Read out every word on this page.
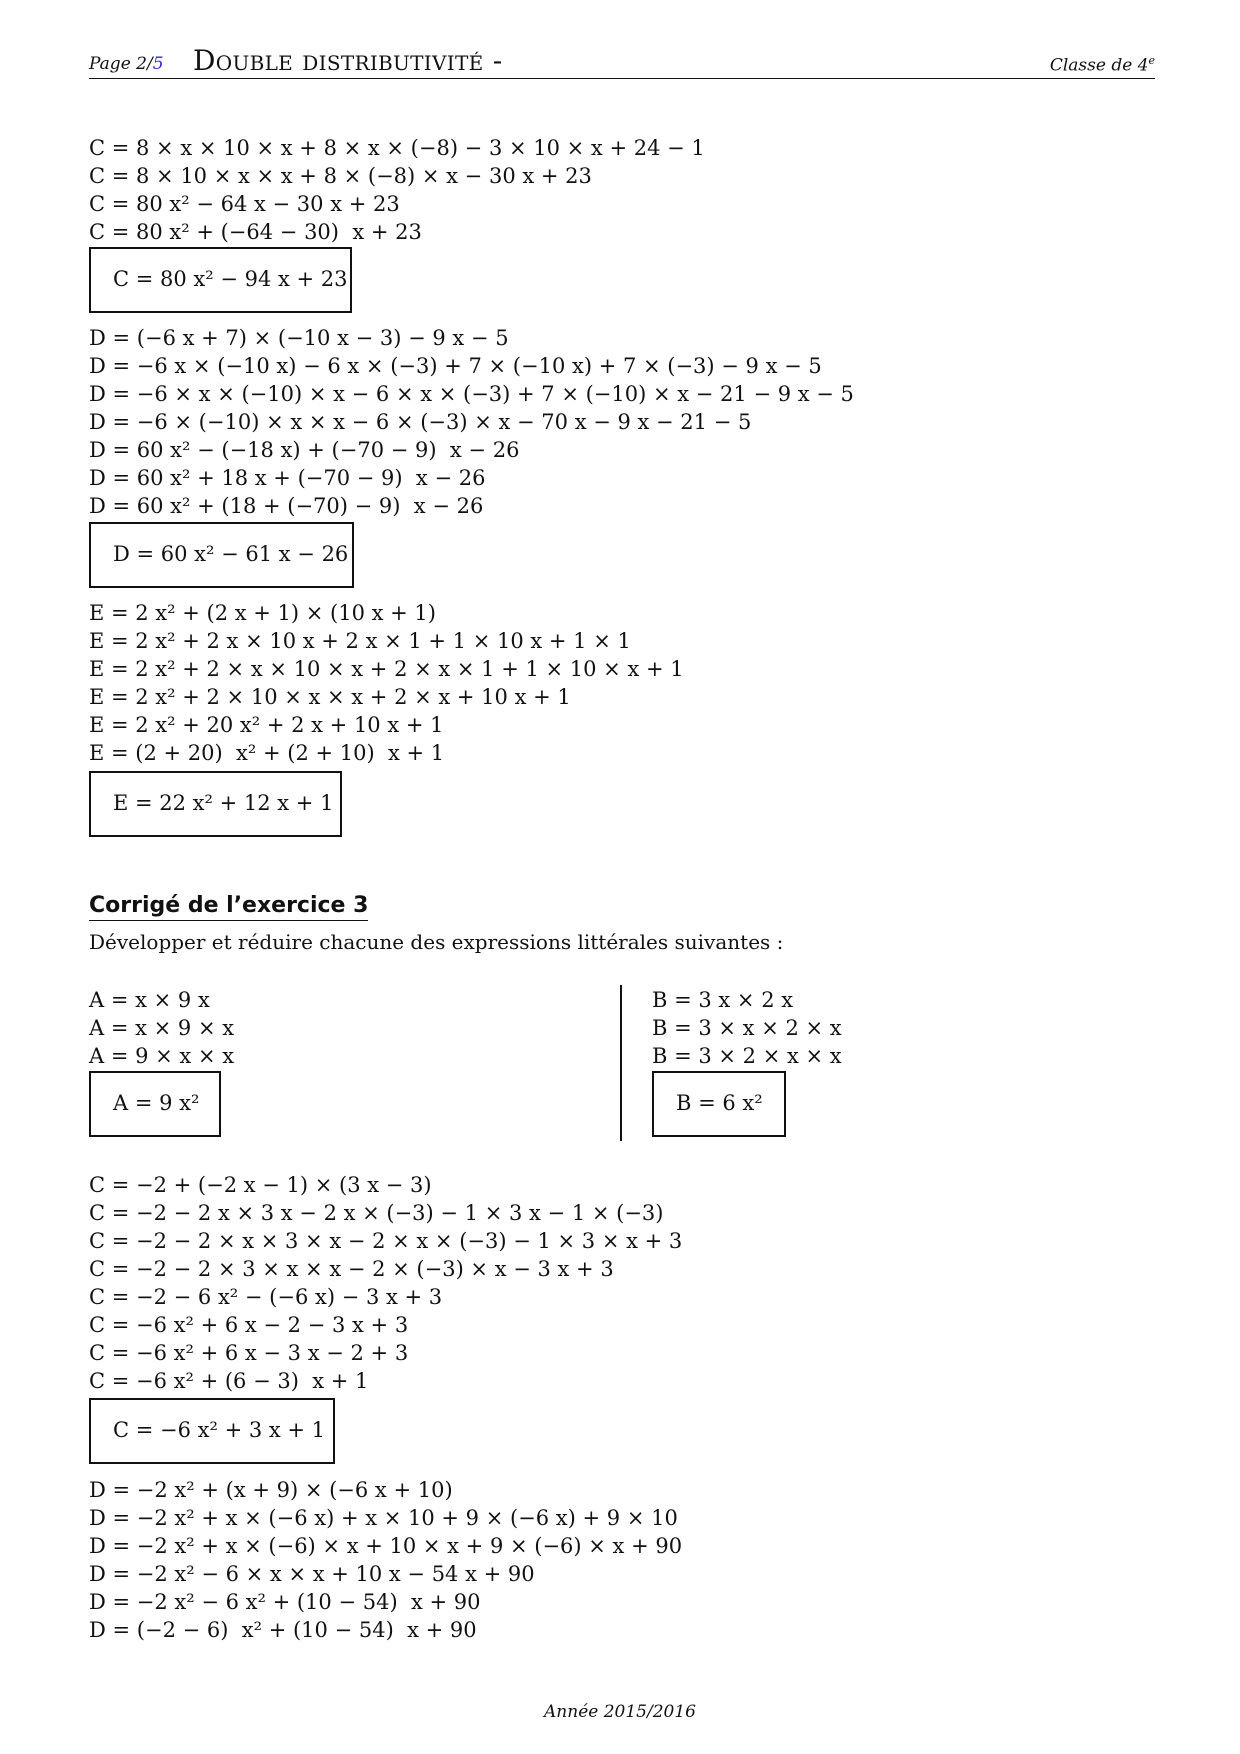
Page 2/5 Double distributivité -	Classe de 4e
C = 8 × x × 10 × x + 8 × x × (−8) − 3 × 10 × x + 24 − 1
C = 8 × 10 × x × x + 8 × (−8) × x − 30 x + 23
C = 80 x² − 64 x − 30 x + 23
C = 80 x² + (−64 − 30)  x + 23
C = 80 x² − 94 x + 23
D = (−6 x + 7) × (−10 x − 3) − 9 x − 5
D = −6 x × (−10 x) − 6 x × (−3) + 7 × (−10 x) + 7 × (−3) − 9 x − 5
D = −6 × x × (−10) × x − 6 × x × (−3) + 7 × (−10) × x − 21 − 9 x − 5
D = −6 × (−10) × x × x − 6 × (−3) × x − 70 x − 9 x − 21 − 5
D = 60 x² − (−18 x) + (−70 − 9)  x − 26
D = 60 x² + 18 x + (−70 − 9)  x − 26
D = 60 x² + (18 + (−70) − 9)  x − 26
D = 60 x² − 61 x − 26
E = 2 x² + (2 x + 1) × (10 x + 1)
E = 2 x² + 2 x × 10 x + 2 x × 1 + 1 × 10 x + 1 × 1
E = 2 x² + 2 × x × 10 × x + 2 × x × 1 + 1 × 10 × x + 1
E = 2 x² + 2 × 10 × x × x + 2 × x + 10 x + 1
E = 2 x² + 20 x² + 2 x + 10 x + 1
E = (2 + 20)  x² + (2 + 10)  x + 1
E = 22 x² + 12 x + 1
Corrigé de l’exercice 3
Développer et réduire chacune des expressions littérales suivantes :
A = x × 9 x
A = x × 9 × x
A = 9 × x × x
A = 9 x²
B = 3 x × 2 x
B = 3 × x × 2 × x
B = 3 × 2 × x × x
B = 6 x²
C = −2 + (−2 x − 1) × (3 x − 3)
C = −2 − 2 x × 3 x − 2 x × (−3) − 1 × 3 x − 1 × (−3)
C = −2 − 2 × x × 3 × x − 2 × x × (−3) − 1 × 3 × x + 3
C = −2 − 2 × 3 × x × x − 2 × (−3) × x − 3 x + 3
C = −2 − 6 x² − (−6 x) − 3 x + 3
C = −6 x² + 6 x − 2 − 3 x + 3
C = −6 x² + 6 x − 3 x − 2 + 3
C = −6 x² + (6 − 3)  x + 1
C = −6 x² + 3 x + 1
D = −2 x² + (x + 9) × (−6 x + 10)
D = −2 x² + x × (−6 x) + x × 10 + 9 × (−6 x) + 9 × 10
D = −2 x² + x × (−6) × x + 10 × x + 9 × (−6) × x + 90
D = −2 x² − 6 × x × x + 10 x − 54 x + 90
D = −2 x² − 6 x² + (10 − 54)  x + 90
D = (−2 − 6)  x² + (10 − 54)  x + 90
Année 2015/2016
